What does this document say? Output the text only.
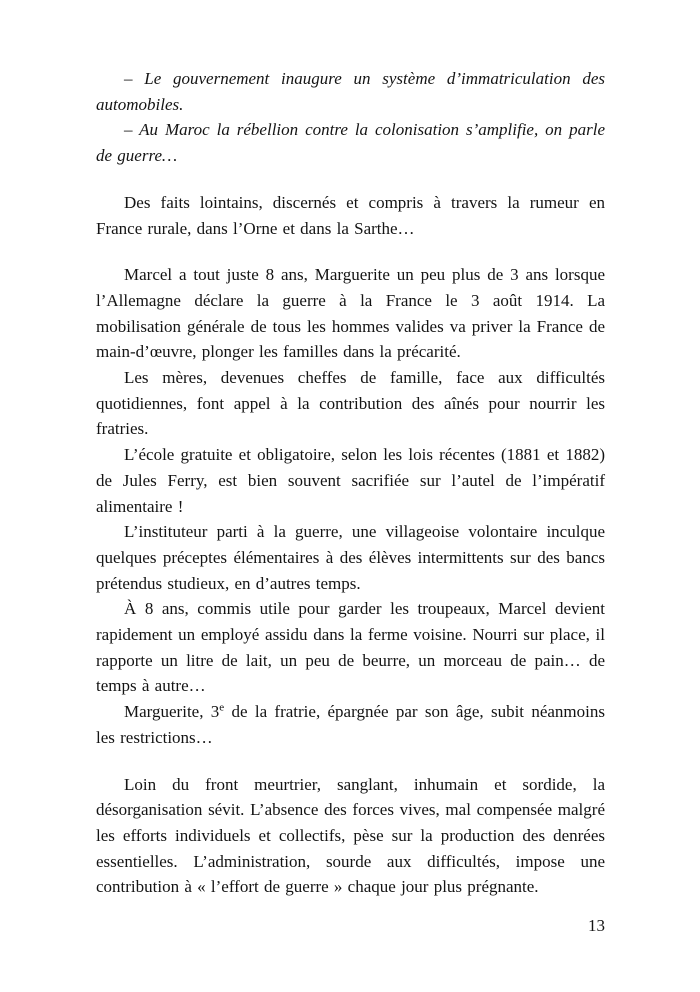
– Le gouvernement inaugure un système d’immatriculation des automobiles.

– Au Maroc la rébellion contre la colonisation s’amplifie, on parle de guerre…

Des faits lointains, discernés et compris à travers la rumeur en France rurale, dans l’Orne et dans la Sarthe…

Marcel a tout juste 8 ans, Marguerite un peu plus de 3 ans lorsque l’Allemagne déclare la guerre à la France le 3 août 1914. La mobilisation générale de tous les hommes valides va priver la France de main-d’œuvre, plonger les familles dans la précarité.

Les mères, devenues cheffes de famille, face aux difficultés quotidiennes, font appel à la contribution des aînés pour nourrir les fratries.

L’école gratuite et obligatoire, selon les lois récentes (1881 et 1882) de Jules Ferry, est bien souvent sacrifiée sur l’autel de l’impératif alimentaire !

L’instituteur parti à la guerre, une villageoise volontaire inculque quelques préceptes élémentaires à des élèves intermittents sur des bancs prétendus studieux, en d’autres temps.

À 8 ans, commis utile pour garder les troupeaux, Marcel devient rapidement un employé assidu dans la ferme voisine. Nourri sur place, il rapporte un litre de lait, un peu de beurre, un morceau de pain… de temps à autre…

Marguerite, 3e de la fratrie, épargnée par son âge, subit néanmoins les restrictions…

Loin du front meurtrier, sanglant, inhumain et sordide, la désorganisation sévit. L’absence des forces vives, mal compensée malgré les efforts individuels et collectifs, pèse sur la production des denrées essentielles. L’administration, sourde aux difficultés, impose une contribution à « l’effort de guerre » chaque jour plus prégnante.

13
